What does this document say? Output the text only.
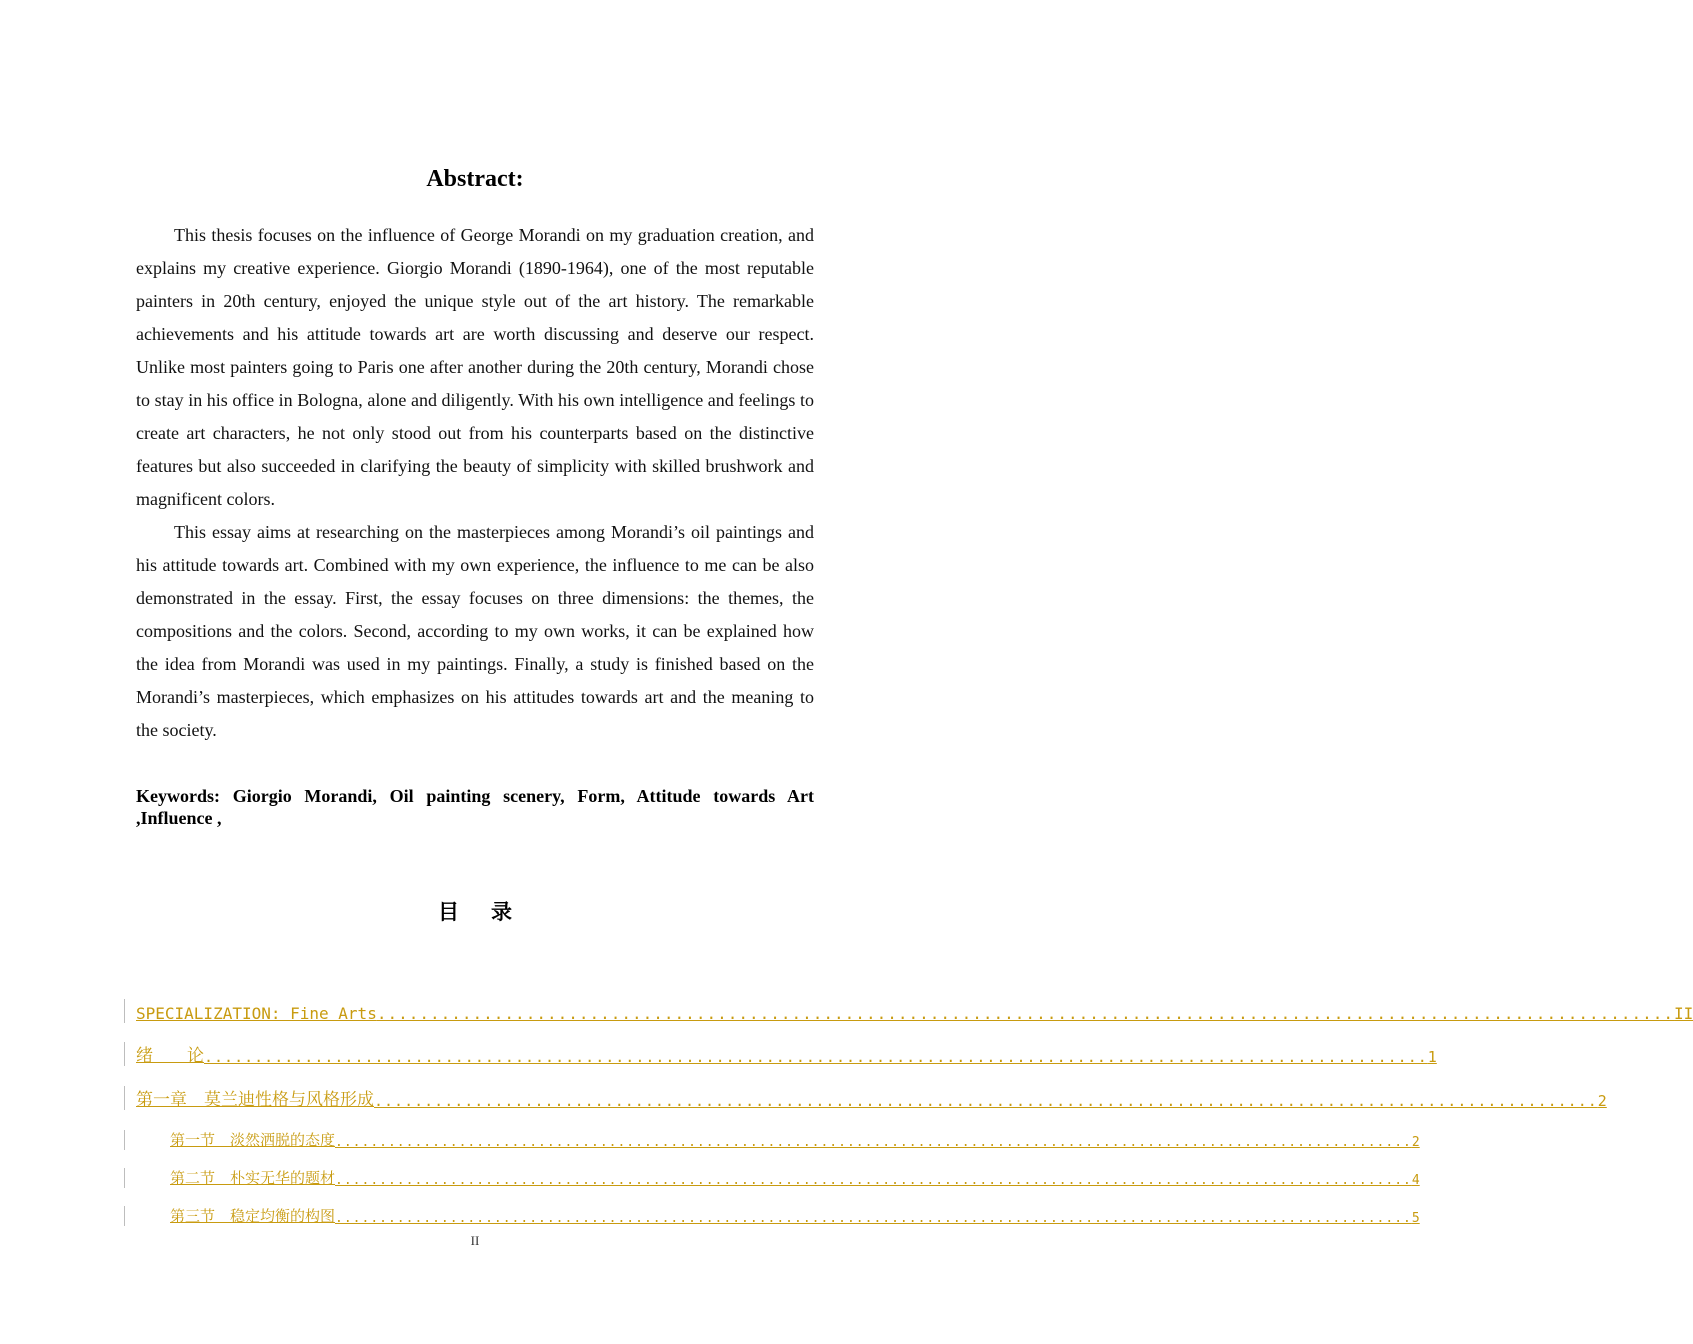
Abstract:

This thesis focuses on the influence of George Morandi on my graduation creation, and explains my creative experience. Giorgio Morandi (1890-1964), one of the most reputable painters in 20th century, enjoyed the unique style out of the art history. The remarkable achievements and his attitude towards art are worth discussing and deserve our respect. Unlike most painters going to Paris one after another during the 20th century, Morandi chose to stay in his office in Bologna, alone and diligently. With his own intelligence and feelings to create art characters, he not only stood out from his counterparts based on the distinctive features but also succeeded in clarifying the beauty of simplicity with skilled brushwork and magnificent colors.

This essay aims at researching on the masterpieces among Morandi’s oil paintings and his attitude towards art. Combined with my own experience, the influence to me can be also demonstrated in the essay. First, the essay focuses on three dimensions: the themes, the compositions and the colors. Second, according to my own works, it can be explained how the idea from Morandi was used in my paintings. Finally, a study is finished based on the Morandi’s masterpieces, which emphasizes on his attitudes towards art and the meaning to the society.

Keywords: Giorgio Morandi, Oil painting scenery, Form, Attitude towards Art ,Influence ,
目 录
SPECIALIZATION: Fine Arts .......................................................................................................................... II
绪　　论 .......................................................................................................................... 1
第一章　莫兰迪性格与风格形成 .......................................................................................................................... 2
第一节　淡然洒脱的态度 .......................................................................................................................... 2
第二节　朴实无华的题材 .......................................................................................................................... 4
第三节　稳定均衡的构图 .......................................................................................................................... 5
II
